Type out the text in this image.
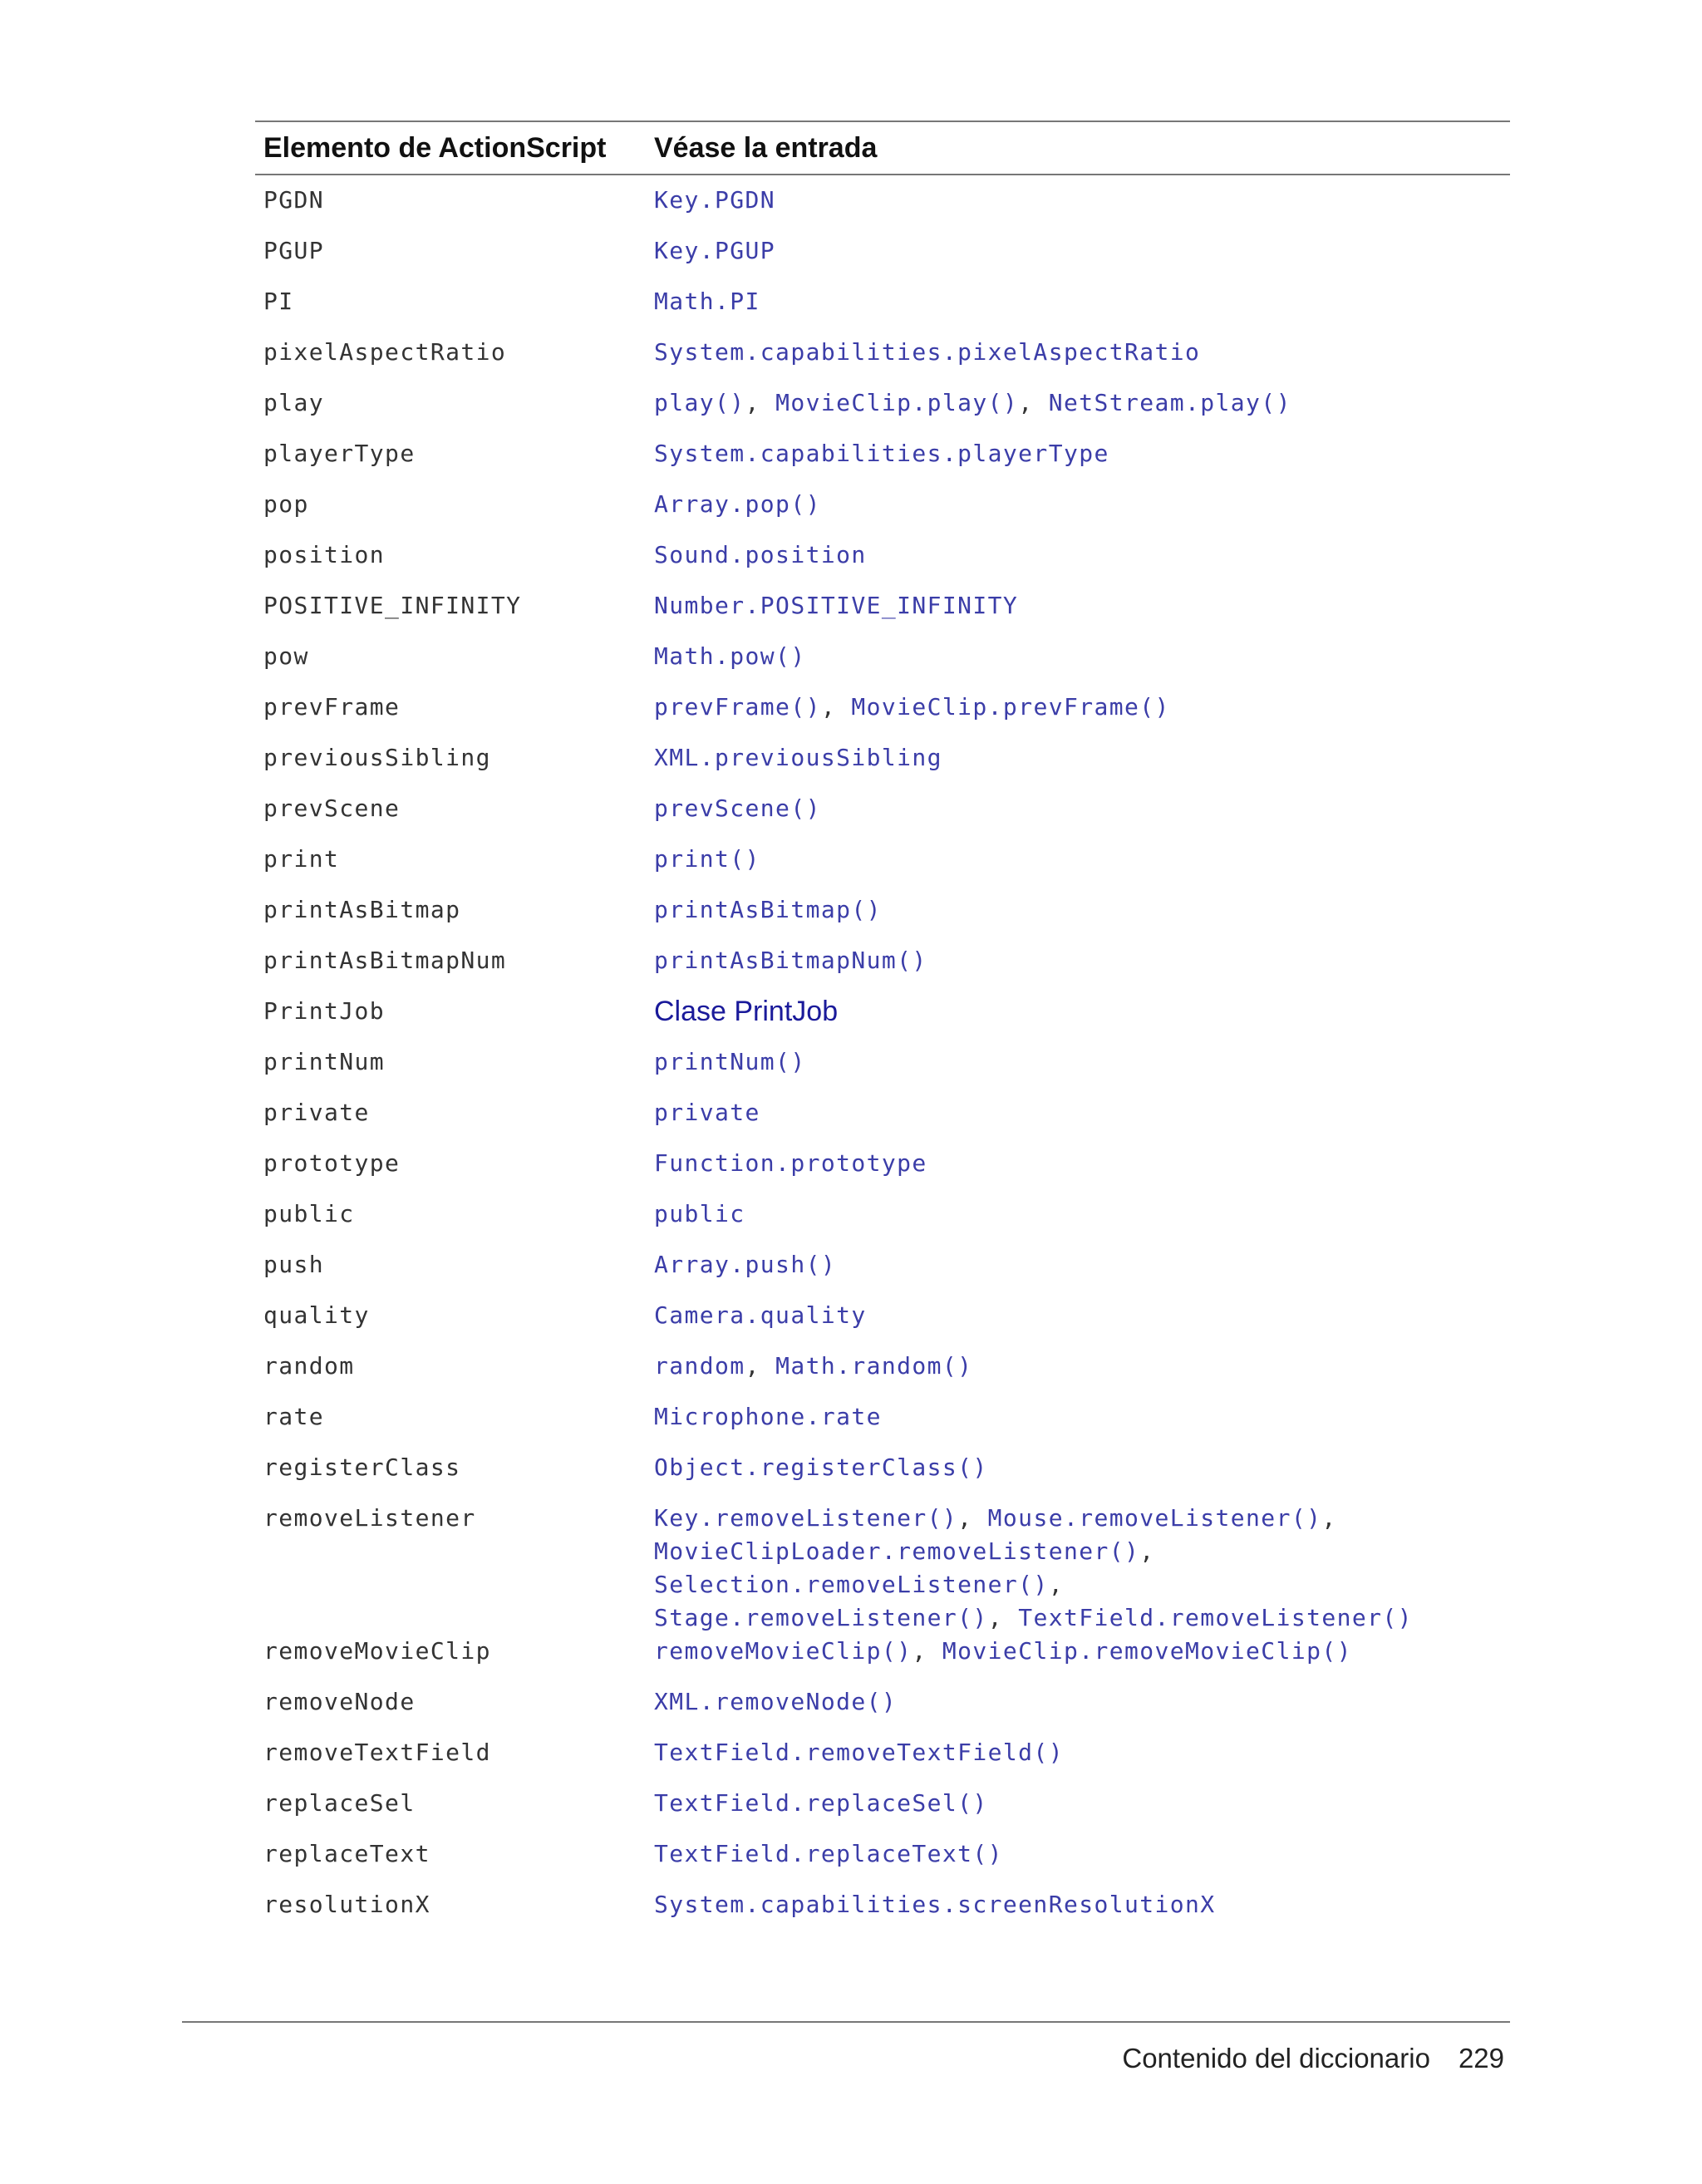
Elemento de ActionScript	Véase la entrada
PGDN	Key.PGDN
PGUP	Key.PGUP
PI	Math.PI
pixelAspectRatio	System.capabilities.pixelAspectRatio
play	play(), MovieClip.play(), NetStream.play()
playerType	System.capabilities.playerType
pop	Array.pop()
position	Sound.position
POSITIVE_INFINITY	Number.POSITIVE_INFINITY
pow	Math.pow()
prevFrame	prevFrame(), MovieClip.prevFrame()
previousSibling	XML.previousSibling
prevScene	prevScene()
print	print()
printAsBitmap	printAsBitmap()
printAsBitmapNum	printAsBitmapNum()
PrintJob	Clase PrintJob
printNum	printNum()
private	private
prototype	Function.prototype
public	public
push	Array.push()
quality	Camera.quality
random	random, Math.random()
rate	Microphone.rate
registerClass	Object.registerClass()
removeListener	Key.removeListener(), Mouse.removeListener(),
MovieClipLoader.removeListener(), Selection.removeListener(),
Stage.removeListener(), TextField.removeListener()
removeMovieClip	removeMovieClip(), MovieClip.removeMovieClip()
removeNode	XML.removeNode()
removeTextField	TextField.removeTextField()
replaceSel	TextField.replaceSel()
replaceText	TextField.replaceText()
resolutionX	System.capabilities.screenResolutionX
Contenido del diccionario 229
